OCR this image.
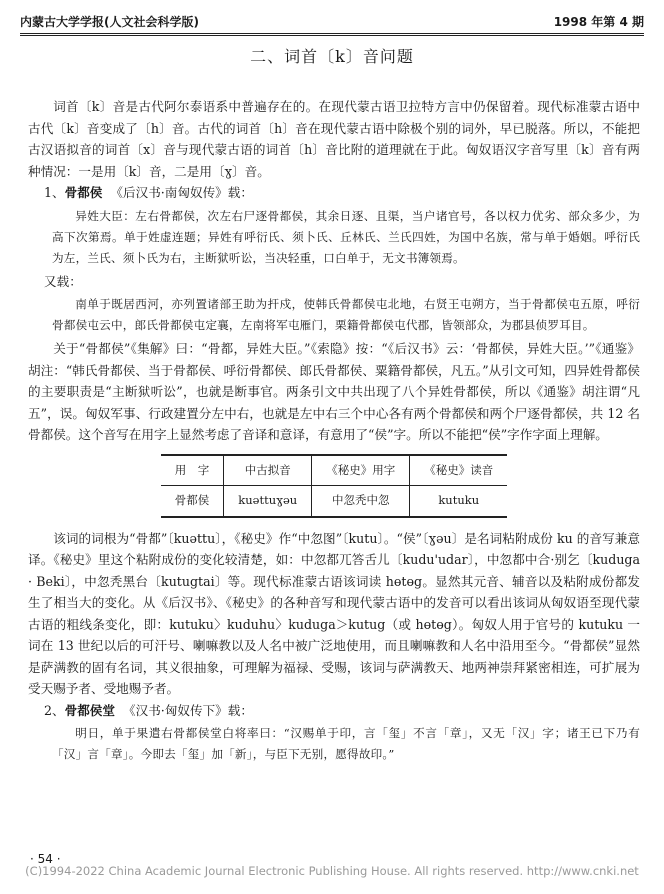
内蒙古大学学报(人文社会科学版)	1998 年第 4 期
二、词首〔k〕音问题

词首〔k〕音是古代阿尔泰语系中普遍存在的。在现代蒙古语卫拉特方言中仍保留着。现代标准蒙古语中古代〔k〕音变成了〔h〕音。古代的词首〔h〕音在现代蒙古语中除极个别的词外，早已脱落。所以，不能把古汉语拟音的词首〔x〕音与现代蒙古语的词首〔h〕音比附的道理就在于此。匈奴语汉字音写里〔k〕音有两种情况：一是用〔k〕音，二是用〔ɣ〕音。

1、骨都侯 《后汉书·南匈奴传》载：

异姓大臣：左右骨都侯，次左右尸逐骨都侯，其余日逐、且渠，当户诸官号，各以权力优劣、部众多少，为高下次第焉。单于姓虚连题；异姓有呼衍氏、须卜氏、丘林氏、兰氏四姓，为国中名族，常与单于婚姻。呼衍氏为左，兰氏、须卜氏为右，主断狱听讼，当决轻重，口白单于，无文书簿领焉。

又载：

南单于既居西河，亦列置诸部王助为扞戍，使韩氏骨都侯屯北地，右贤王屯朔方，当于骨都侯屯五原，呼衍骨都侯屯云中，郎氏骨都侯屯定襄，左南将军屯雁门，栗籍骨都侯屯代郡，皆领部众，为郡县侦罗耳目。

关于“骨都侯”《集解》曰：“骨都，异姓大臣。”《索隐》按：“《后汉书》云：‘骨都侯，异姓大臣。’”《通鉴》胡注：“韩氏骨都侯、当于骨都侯、呼衍骨都侯、郎氏骨都侯、粟籍骨都侯，凡五。”从引文可知，四异姓骨都侯的主要职责是“主断狱听讼”，也就是断事官。两条引文中共出现了八个异姓骨都侯，所以《通鉴》胡注谓“凡五”，误。匈奴军事、行政建置分左中右，也就是左中右三个中心各有两个骨都侯和两个尸逐骨都侯，共 12 名骨都侯。这个音写在用字上显然考虑了音译和意译，有意用了“侯”字。所以不能把“侯”字作字面上理解。

用　字	中古拟音	《秘史》用字	《秘史》读音
骨都侯	kuəttuɣəu	中忽秃中忽	kutuku

该词的词根为“骨都”〔kuəttu〕，《秘史》作“中忽图”〔kutu〕。“侯”〔ɣəu〕是名词粘附成份 ku 的音写兼意译。《秘史》里这个粘附成份的变化较清楚，如：中忽都兀答舌儿〔kudu'udar〕，中忽都中合·别乞〔kuduga · Beki〕，中忽秃黑台〔kutugtai〕等。现代标准蒙古语该词读 hɵtɵg。显然其元音、辅音以及粘附成份都发生了相当大的变化。从《后汉书》、《秘史》的各种音写和现代蒙古语中的发音可以看出该词从匈奴语至现代蒙古语的粗线条变化，即：kutuku〉kuduhu〉kuduga＞kutug（或 hɵtɵg）。匈奴人用于官号的 kutuku 一词在 13 世纪以后的可汗号、喇嘛教以及人名中被广泛地使用，而且喇嘛教和人名中沿用至今。“骨都侯”显然是萨满教的固有名词，其义很抽象，可理解为福禄、受赐，该词与萨满教天、地两神崇拜紧密相连，可扩展为受天赐予者、受地赐予者。

2、骨都侯堂 《汉书·匈奴传下》载：

明日，单于果遣右骨都侯堂白将率曰：“汉赐单于印，言「玺」不言「章」，又无「汉」字；诸王已下乃有「汉」言「章」。今即去「玺」加「新」，与臣下无别，愿得故印。”
· 54 ·
(C)1994-2022 China Academic Journal Electronic Publishing House. All rights reserved. http://www.cnki.net
